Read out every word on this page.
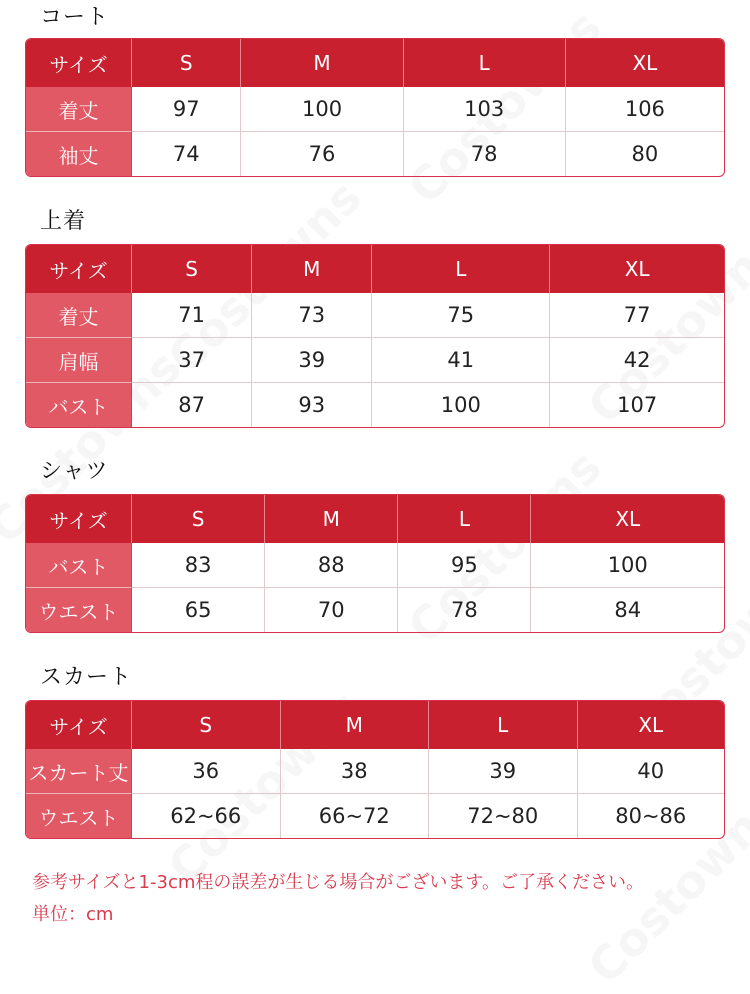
コート
サイズ	S	M	L	XL
着丈	97	100	103	106
袖丈	74	76	78	80
上着
サイズ	S	M	L	XL
着丈	71	73	75	77
肩幅	37	39	41	42
バスト	87	93	100	107
シャツ
サイズ	S	M	L	XL
バスト	83	88	95	100
ウエスト	65	70	78	84
スカート
サイズ	S	M	L	XL
スカート丈	36	38	39	40
ウエスト	62~66	66~72	72~80	80~86
参考サイズと1-3cm程の誤差が生じる場合がございます。ご了承ください。
単位：cm
